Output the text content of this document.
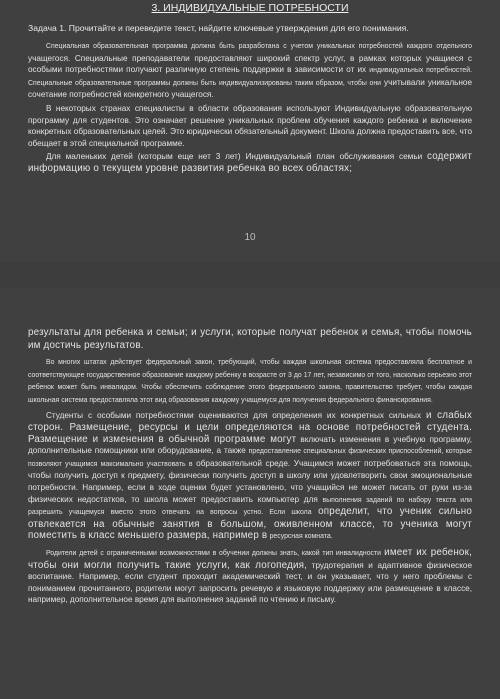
3. ИНДИВИДУАЛЬНЫЕ ПОТРЕБНОСТИ

Задача 1. Прочитайте и переведите текст, найдите ключевые утверждения для его понимания.

Специальная образовательная программа должна быть разработана с учетом уникальных потребностей каждого отдельного учащегося. Специальные преподаватели предоставляют широкий спектр услуг, в рамках которых учащиеся с особыми потребностями получают различную степень поддержки в зависимости от их индивидуальных потребностей. Специальные образовательные программы должны быть индивидуализированы таким образом, чтобы они учитывали уникальное сочетание потребностей конкретного учащегося.

В некоторых странах специалисты в области образования используют Индивидуальную образовательную программу для студентов. Это означает решение уникальных проблем обучения каждого ребенка и включение конкретных образовательных целей. Это юридически обязательный документ. Школа должна предоставить все, что обещает в этой специальной программе.

Для маленьких детей (которым еще нет 3 лет) Индивидуальный план обслуживания семьи содержит информацию о текущем уровне развития ребенка во всех областях;

10

результаты для ребенка и семьи; и услуги, которые получат ребенок и семья, чтобы помочь им достичь результатов.

Во многих штатах действует федеральный закон, требующий, чтобы каждая школьная система предоставляла бесплатное и соответствующее государственное образование каждому ребенку в возрасте от 3 до 17 лет, независимо от того, насколько серьезно этот ребенок может быть инвалидом. Чтобы обеспечить соблюдение этого федерального закона, правительство требует, чтобы каждая школьная система предоставляла этот вид образования каждому учащемуся для получения федерального финансирования.

Студенты с особыми потребностями оцениваются для определения их конкретных сильных и слабых сторон. Размещение, ресурсы и цели определяются на основе потребностей студента. Размещение и изменения в обычной программе могут включать изменения в учебную программу, дополнительные помощники или оборудование, а также предоставление специальных физических приспособлений, которые позволяют учащимся максимально участвовать в образовательной среде. Учащимся может потребоваться эта помощь, чтобы получить доступ к предмету, физически получить доступ в школу или удовлетворить свои эмоциональные потребности. Например, если в ходе оценки будет установлено, что учащийся не может писать от руки из-за физических недостатков, то школа может предоставить компьютер для выполнения заданий по набору текста или разрешить учащемуся вместо этого отвечать на вопросы устно. Если школа определит, что ученик сильно отвлекается на обычные занятия в большом, оживленном классе, то ученика могут поместить в класс меньшего размера, например в ресурсная комната.

Родители детей с ограниченными возможностями в обучении должны знать, какой тип инвалидности имеет их ребенок, чтобы они могли получить такие услуги, как логопедия, трудотерапия и адаптивное физическое воспитание. Например, если студент проходит академический тест, и он указывает, что у него проблемы с пониманием прочитанного, родители могут запросить речевую и языковую поддержку или размещение в классе, например, дополнительное время для выполнения заданий по чтению и письму.
